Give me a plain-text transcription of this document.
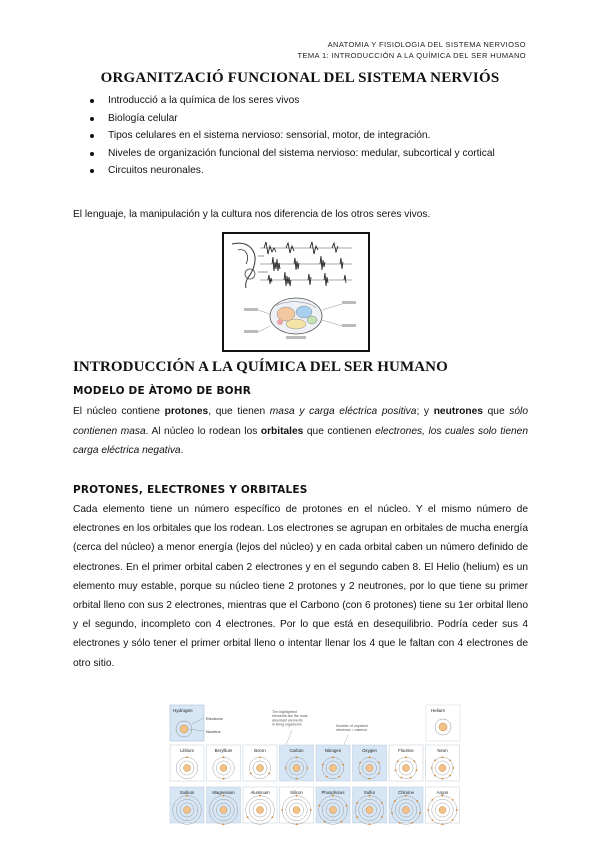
ANATOMIA Y FISIOLOGIA DEL SISTEMA NERVIOSO
TEMA 1: INTRODUCCIÓN A LA QUÍMICA DEL SER HUMANO
ORGANITZACIÓ FUNCIONAL DEL SISTEMA NERVIÓS
Introducció a la química de los seres vivos
Biología celular
Tipos celulares en el sistema nervioso: sensorial, motor, de integración.
Niveles de organización funcional del sistema nervioso: medular, subcortical y cortical
Circuitos neuronales.
El lenguaje, la manipulación y la cultura nos diferencia de los otros seres vivos.
INTRODUCCIÓN A LA QUÍMICA DEL SER HUMANO
MODELO DE ÀTOMO DE BOHR
El núcleo contiene protones, que tienen masa y carga eléctrica positiva; y neutrones que sólo contienen masa. Al núcleo lo rodean los orbitales que contienen electrones, los cuales solo tienen carga eléctrica negativa.
PROTONES, ELECTRONES Y ORBITALES
Cada elemento tiene un número específico de protones en el núcleo. Y el mismo número de electrones en los orbitales que los rodean. Los electrones se agrupan en orbitales de mucha energía (cerca del núcleo) a menor energía (lejos del núcleo) y en cada orbital caben un número definido de electrones. En el primer orbital caben 2 electrones y en el segundo caben 8. El Helio (helium) es un elemento muy estable, porque su núcleo tiene 2 protones y 2 neutrones, por lo que tiene su primer orbital lleno con sus 2 electrones, mientras que el Carbono (con 6 protones) tiene su 1er orbital lleno y el segundo, incompleto con 4 electrones. Por lo que está en desequilibrio. Podría ceder sus 4 electrones y sólo tener el primer orbital lleno o intentar llenar los 4 que le faltan con 4 electrones de otro sitio.
Hydrogen
Electrons
Nucleus
The highlighted elements are the most abundant elements in living organisms	Number of unpaired electrons = valence
Helium
Lithium	Beryllium	Boron	Carbon	Nitrogen	Oxygen	Fluorine	Neon
Sodium	Magnesium	Aluminum	Silicon	Phosphorus	Sulfur	Chlorine	Argon
